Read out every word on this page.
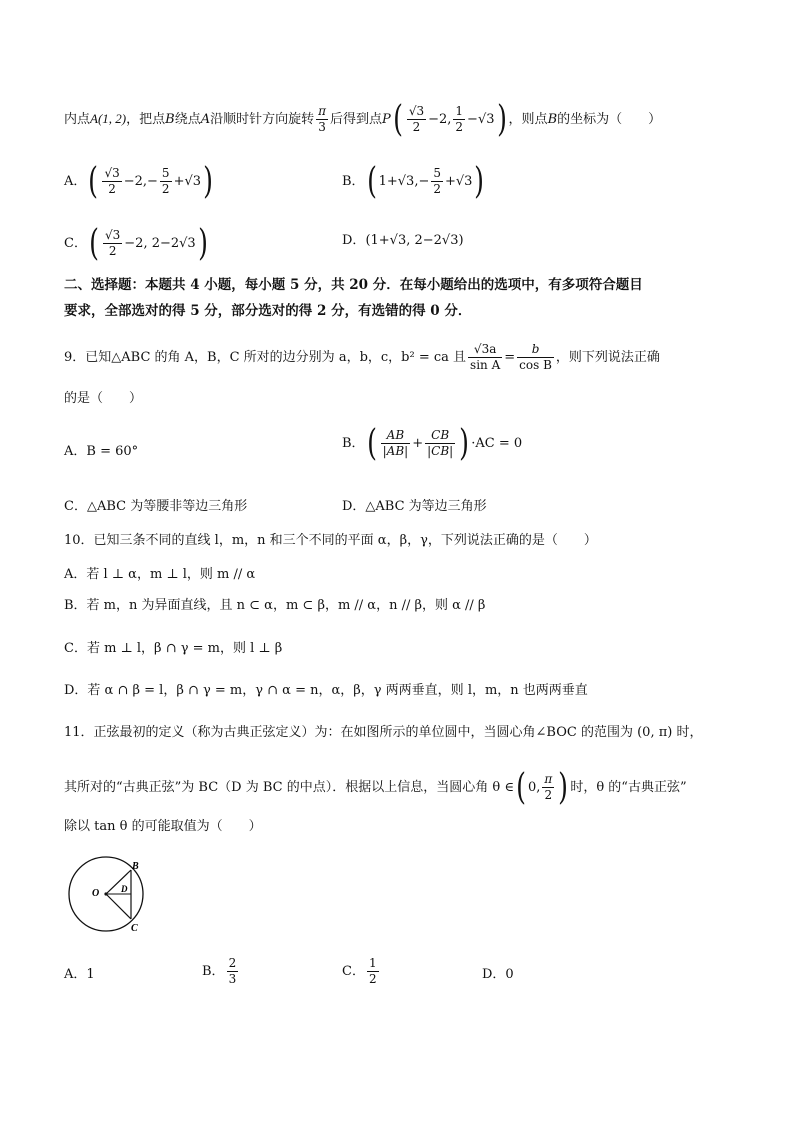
内点A(1, 2)，把点B绕点A沿顺时针方向旋转 $\frac{\pi}{3}$ 后得到点$P( \frac{√3}{2} -2$, $\frac{1}{2} -√3$) ，则点B的坐标为（　　）
A．( $\frac{√3}{2} -2,- \frac{5}{2} +√3$)	B．( $1+√3,- \frac{5}{2} +√3$)
C．( $\frac{√3}{2} -2$, 2−2√3)	D．(1+√3, 2−2√3)
二、选择题：本题共 4 小题，每小题 5 分，共 20 分．在每小题给出的选项中，有多项符合题目
要求，全部选对的得 5 分，部分选对的得 2 分，有选错的得 0 分．
9．已知△ABC 的角 A，B，C 所对的边分别为 a，b，c，b² = ca 且 $\frac{√3a}{\text{sin A}} = \frac{b}{\text{cos B}}$ ，则下列说法正确
的是（　　）
A．B = 60°
B．( $\frac{AB}{|AB|} + \frac{CB}{|CB|}$ ) ·AC = 0
C．△ABC 为等腰非等边三角形	D．△ABC 为等边三角形
10．已知三条不同的直线 l，m，n 和三个不同的平面 α，β，γ，下列说法正确的是（　　）
A．若 l ⊥ α，m ⊥ l，则 m // α
B．若 m，n 为异面直线，且 n ⊂ α，m ⊂ β，m // α，n // β，则 α // β
C．若 m ⊥ l，β ∩ γ = m，则 l ⊥ β
D．若 α ∩ β = l，β ∩ γ = m，γ ∩ α = n，α，β，γ 两两垂直，则 l，m，n 也两两垂直
11．正弦最初的定义（称为古典正弦定义）为：在如图所示的单位圆中，当圆心角∠BOC 的范围为 (0, π) 时，
其所对的“古典正弦”为 BC（D 为 BC 的中点）．根据以上信息，当圆心角 θ ∈( 0, $\frac{\pi}{2}$ ) 时，θ 的“古典正弦”
除以 tan θ 的可能取值为（　　）
O
B
C
D
A．1	B． $\frac{2}{3}$	C． $\frac{1}{2}$	D．0
